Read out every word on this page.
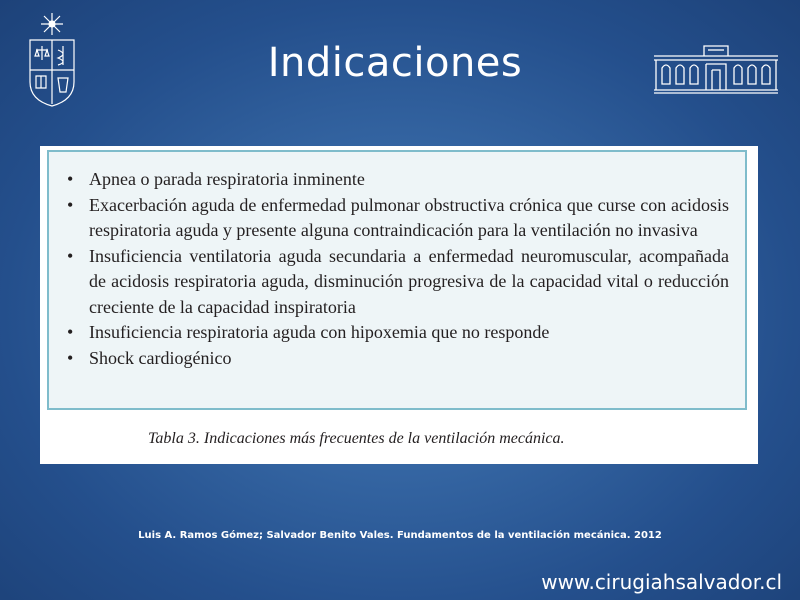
Indicaciones
• Apnea o parada respiratoria inminente
• Exacerbación aguda de enfermedad pulmonar obstructiva crónica que curse con acidosis respiratoria aguda y presente alguna contraindicación para la ventilación no invasiva
• Insuficiencia ventilatoria aguda secundaria a enfermedad neuromuscular, acompañada de acidosis respiratoria aguda, disminución progresiva de la capacidad vital o reducción creciente de la capacidad inspiratoria
• Insuficiencia respiratoria aguda con hipoxemia que no responde
• Shock cardiogénico
Tabla 3. Indicaciones más frecuentes de la ventilación mecánica.
Luis A. Ramos Gómez; Salvador Benito Vales. Fundamentos de la ventilación mecánica. 2012
www.cirugiahsalvador.cl
